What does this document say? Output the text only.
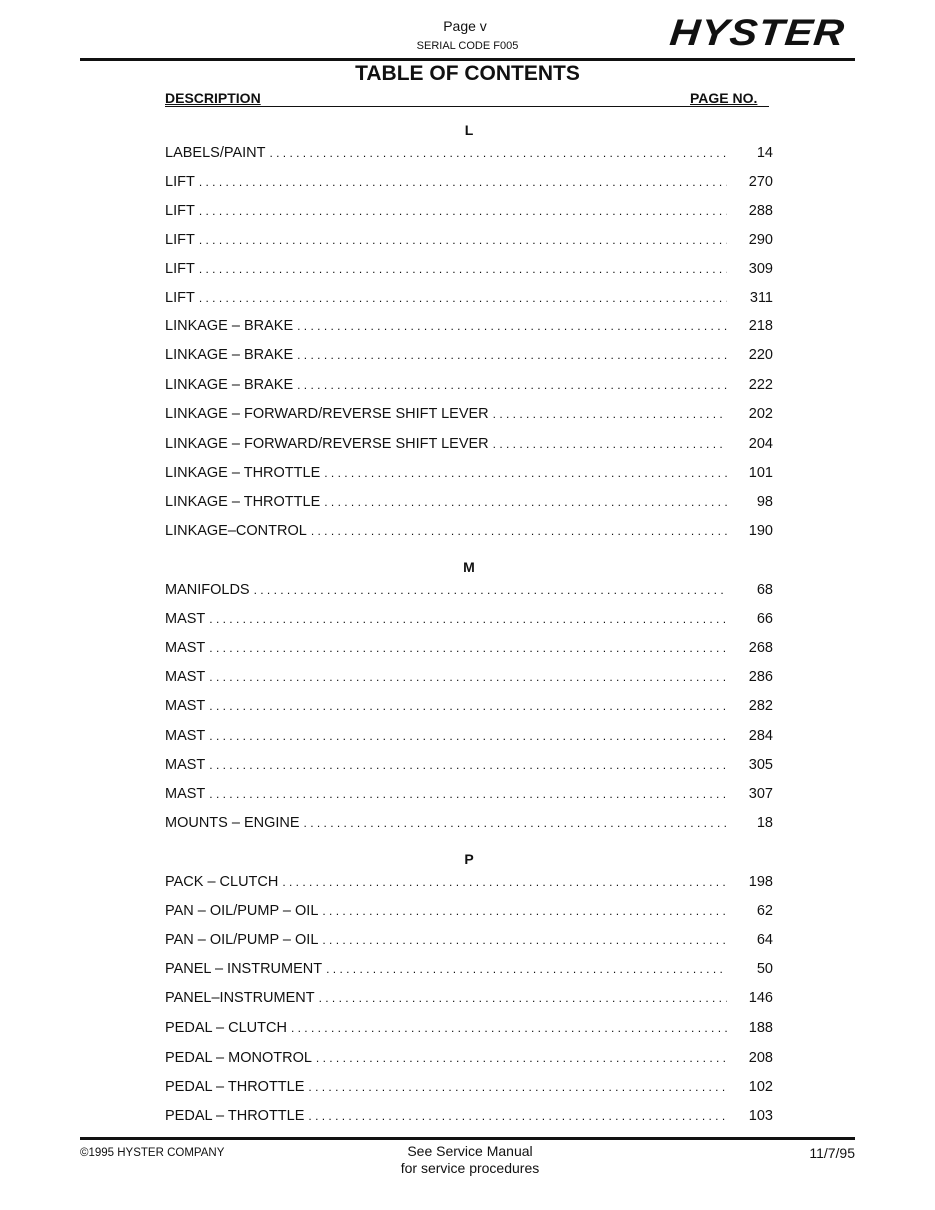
Page v
SERIAL CODE F005	HYSTER
TABLE OF CONTENTS
DESCRIPTION	PAGE NO.
L
LABELS/PAINT . . .	14
LIFT . . .	270
LIFT . . .	288
LIFT . . .	290
LIFT . . .	309
LIFT . . .	311
LINKAGE – BRAKE . . .	218
LINKAGE – BRAKE . . .	220
LINKAGE – BRAKE . . .	222
LINKAGE – FORWARD/REVERSE SHIFT LEVER . . .	202
LINKAGE – FORWARD/REVERSE SHIFT LEVER . . .	204
LINKAGE – THROTTLE . . .	101
LINKAGE – THROTTLE . . .	98
LINKAGE–CONTROL . . .	190
M
MANIFOLDS . . .	68
MAST . . .	66
MAST . . .	268
MAST . . .	286
MAST . . .	282
MAST . . .	284
MAST . . .	305
MAST . . .	307
MOUNTS – ENGINE . . .	18
P
PACK – CLUTCH . . .	198
PAN – OIL/PUMP – OIL . . .	62
PAN – OIL/PUMP – OIL . . .	64
PANEL – INSTRUMENT . . .	50
PANEL–INSTRUMENT . . .	146
PEDAL – CLUTCH . . .	188
PEDAL – MONOTROL . . .	208
PEDAL – THROTTLE . . .	102
PEDAL – THROTTLE . . .	103
©1995 HYSTER COMPANY	See Service Manual
for service procedures
11/7/95
